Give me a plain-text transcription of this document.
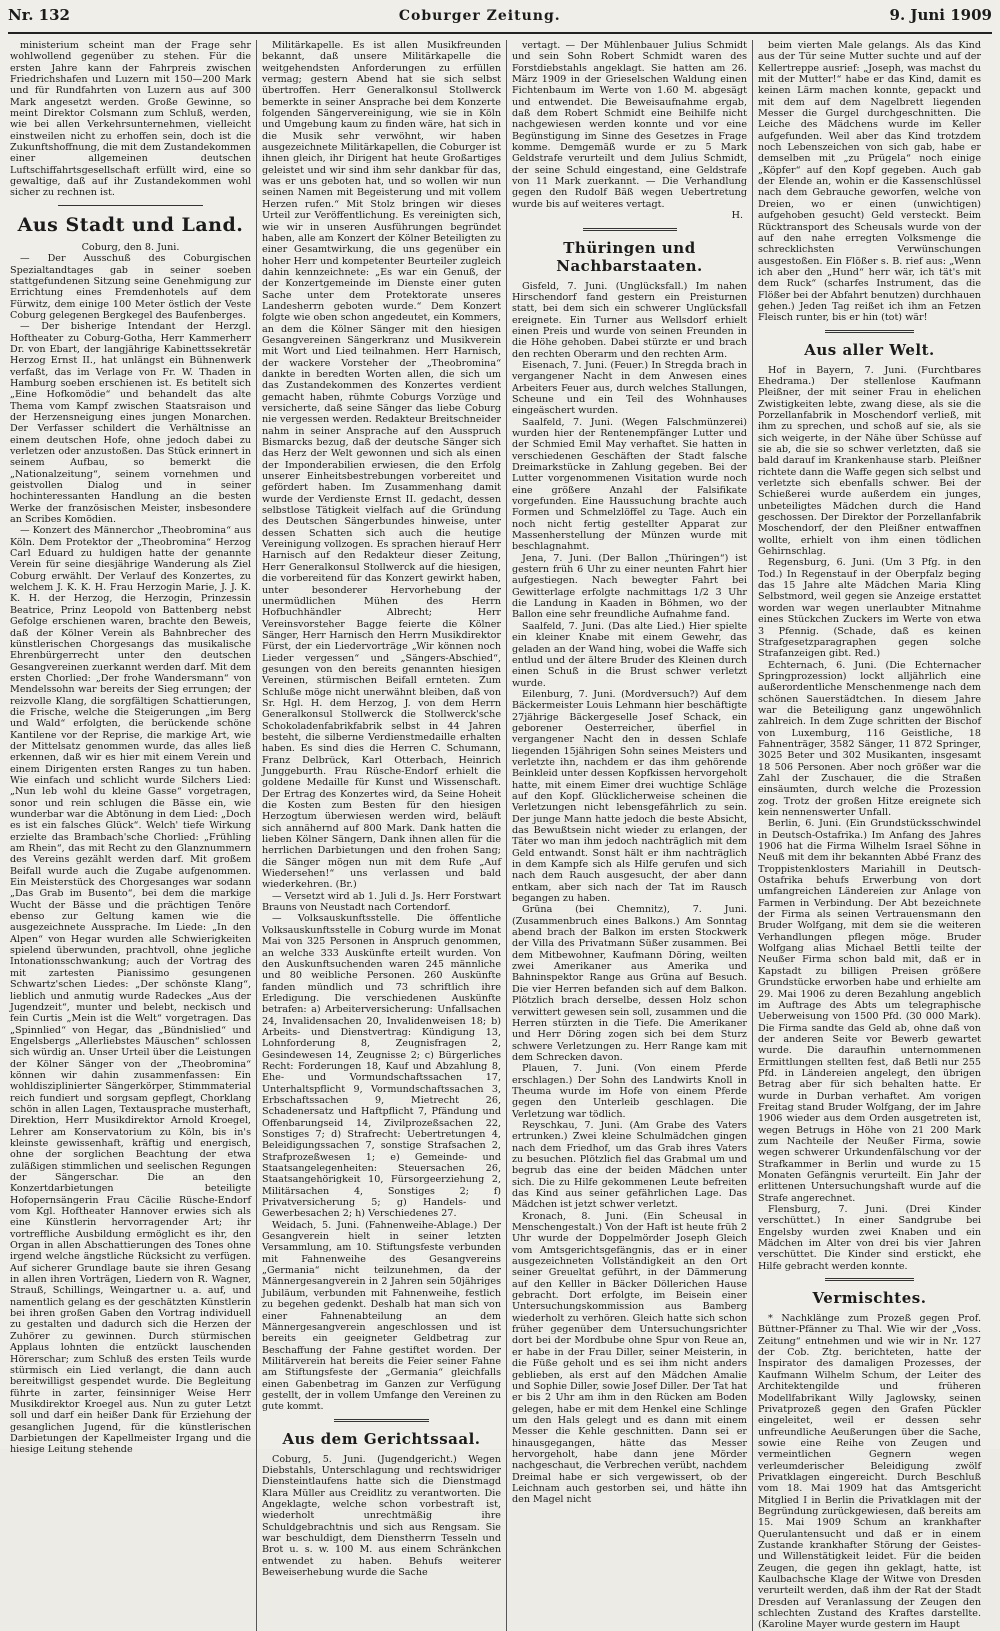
Nr. 132	Coburger Zeitung.	9. Juni 1909

ministerium scheint man der Frage sehr wohlwollend gegenüber zu stehen. Für die ersten Jahre kann der Fahrpreis zwischen Friedrichshafen und Luzern mit 150—200 Mark und für Rundfahrten von Luzern aus auf 300 Mark angesetzt werden. Große Gewinne, so meint Direktor Colsmann zum Schluß, werden, wie bei allen Verkehrsunternehmen, vielleicht einstweilen nicht zu erhoffen sein, doch ist die Zukunftshoffnung, die mit dem Zustandekommen einer allgemeinen deutschen Luftschiffahrtsgesellschaft erfüllt wird, eine so gewaltige, daß auf ihr Zustandekommen wohl sicher zu rechnen ist.

Aus Stadt und Land.

Coburg, den 8. Juni.

— Der Ausschuß des Coburgischen Spezialtandtages gab in seiner soeben stattgefundenen Sitzung seine Genehmigung zur Errichtung eines Fremdenhotels auf dem Fürwitz, dem einige 100 Meter östlich der Veste Coburg gelegenen Bergkegel des Baufenberges.

— Der bisherige Intendant der Herzgl. Hoftheater zu Coburg-Gotha, Herr Kammerherr Dr. von Ebart, der langjährige Kabinettssekretär Herzog Ernst II., hat unlängst ein Bühnenwerk verfaßt, das im Verlage von Fr. W. Thaden in Hamburg soeben erschienen ist. Es betitelt sich „Eine Hofkomödie“ und behandelt das alte Thema vom Kampf zwischen Staatsraison und der Herzensneigung eines jungen Monarchen. Der Verfasser schildert die Verhältnisse an einem deutschen Hofe, ohne jedoch dabei zu verletzen oder anzustoßen. Das Stück erinnert in seinem Aufbau, so bemerkt die „Nationalzeitung“, seinem vornehmen und geistvollen Dialog und in seiner hochinteressanten Handlung an die besten Werke der französischen Meister, insbesondere an Scribes Komödien.

— Konzert des Männerchor „Theobromina“ aus Köln. Dem Protektor der „Theobromina“ Herzog Carl Eduard zu huldigen hatte der genannte Verein für seine diesjährige Wanderung als Ziel Coburg erwählt. Der Verlauf des Konzertes, zu welchem J. K. K. H. Frau Herzogin Marie, J. J. K. K. H. der Herzog, die Herzogin, Prinzessin Beatrice, Prinz Leopold von Battenberg nebst Gefolge erschienen waren, brachte den Beweis, daß der Kölner Verein als Bahnbrecher des künstlerischen Chorgesangs das musikalische Ehrenbürgerrecht unter den deutschen Gesangvereinen zuerkannt werden darf. Mit dem ersten Chorlied: „Der frohe Wandersmann“ von Mendelssohn war bereits der Sieg errungen; der reizvolle Klang, die sorgfältigen Schattierungen, die Frische, welche die Steigerungen „im Berg und Wald“ erfolgten, die berückende schöne Kantilene vor der Reprise, die markige Art, wie der Mittelsatz genommen wurde, das alles ließ erkennen, daß wir es hier mit einem Verein und einem Dirigenten ersten Ranges zu tun haben. Wie einfach und schlicht wurde Silchers Lied: „Nun leb wohl du kleine Gasse“ vorgetragen, sonor und rein schlugen die Bässe ein, wie wunderbar war die Abtönung in dem Lied: „Doch es ist ein falsches Glück“. Welch' tiefe Wirkung erzielte das Brambach'sche Chorlied: „Frühling am Rhein“, das mit Recht zu den Glanznummern des Vereins gezählt werden darf. Mit großem Beifall wurde auch die Zugabe aufgenommen. Ein Meisterstück des Chorgesanges war sodann „Das Grab im Busento“, bei dem die markige Wucht der Bässe und die prächtigen Tenöre ebenso zur Geltung kamen wie die ausgezeichnete Aussprache. Im Liede: „In den Alpen“ von Hegar wurden alle Schwierigkeiten spielend überwunden, prachtvoll, ohne jegliche Intonationsschwankung; auch der Vortrag des mit zartesten Pianissimo gesungenen Schwartz'schen Liedes: „Der schönste Klang“, lieblich und anmutig wurde Radeckes „Aus der Jugendzeit“, munter und belebt, neckisch und fein Curtis „Mein ist die Welt“ vorgetragen. Das „Spinnlied“ von Hegar, das „Bündnislied“ und Engelsbergs „Allerliebstes Mäuschen“ schlossen sich würdig an. Unser Urteil über die Leistungen der Kölner Sänger von der „Theobromina“ können wir dahin zusammenfassen: Ein wohldisziplinierter Sängerkörper, Stimmmaterial reich fundiert und sorgsam gepflegt, Chorklang schön in allen Lagen, Textausprache musterhaft, Direktion, Herr Musikdirektor Arnold Kroegel, Lehrer am Konservatorium zu Köln, bis in's kleinste gewissenhaft, kräftig und energisch, ohne der sorglichen Beachtung der etwa zuläßigen stimmlichen und seelischen Regungen der Sängerschar. Die an den Konzertdarbietungen beteiligte Hofopernsängerin Frau Cäcilie Rüsche-Endorf vom Kgl. Hoftheater Hannover erwies sich als eine Künstlerin hervorragender Art; ihr vortreffliche Ausbildung ermöglicht es ihr, den Organ in allen Abschattierungen des Tones ohne irgend welche ängstliche Rücksicht zu verfügen. Auf sicherer Grundlage baute sie ihren Gesang in allen ihren Vorträgen, Liedern von R. Wagner, Strauß, Schillings, Weingartner u. a. auf, und namentlich gelang es der geschätzten Künstlerin bei ihren großen Gaben den Vortrag individuell zu gestalten und dadurch sich die Herzen der Zuhörer zu gewinnen. Durch stürmischen Applaus lohnten die entzückt lauschenden Hörerschar; zum Schluß des ersten Teils wurde stürmisch ein Lied verlangt, die dann auch bereitwilligst gespendet wurde. Die Begleitung führte in zarter, feinsinniger Weise Herr Musikdirektor Kroegel aus. Nun zu guter Letzt soll und darf ein heißer Dank für Erziehung der gesanglichen Jugend, für die künstlerischen Darbietungen der Kapellmeister Irgang und die hiesige Leitung stehende

Militärkapelle. Es ist allen Musikfreunden bekannt, daß unsere Militärkapelle die weitgehendsten Anforderungen zu erfüllen vermag; gestern Abend hat sie sich selbst übertroffen. Herr Generalkonsul Stollwerck bemerkte in seiner Ansprache bei dem Konzerte folgenden Sängervereinigung, wie sie in Köln und Umgebung kaum zu finden wäre, hat sich in die Musik sehr verwöhnt, wir haben ausgezeichnete Militärkapellen, die Coburger ist ihnen gleich, ihr Dirigent hat heute Großartiges geleistet und wir sind ihm sehr dankbar für das, was er uns geboten hat, und so wollen wir nun seinen Namen mit Begeisterung und mit vollem Herzen rufen.“ Mit Stolz bringen wir dieses Urteil zur Veröffentlichung. Es vereinigten sich, wie wir in unseren Ausführungen begründet haben, alle am Konzert der Kölner Beteiligten zu einer Gesamtwirkung, die uns gegenüber ein hoher Herr und kompetenter Beurteiler zugleich dahin kennzeichnete: „Es war ein Genuß, der der Konzertgemeinde im Dienste einer guten Sache unter dem Protektorate unseres Landesherrn geboten wurde.“ Dem Konzert folgte wie oben schon angedeutet, ein Kommers, an dem die Kölner Sänger mit den hiesigen Gesangvereinen Sängerkranz und Musikverein mit Wort und Lied teilnahmen. Herr Harnisch, der wackere Vorsteher der „Theobromina“ dankte in beredten Worten allen, die sich um das Zustandekommen des Konzertes verdient gemacht haben, rühmte Coburgs Vorzüge und versicherte, daß seine Sänger das liebe Coburg nie vergessen werden. Redakteur Breitschneider nahm in seiner Ansprache auf den Ausspruch Bismarcks bezug, daß der deutsche Sänger sich das Herz der Welt gewonnen und sich als einen der Imponderabilien erwiesen, die den Erfolg unserer Einheitsbestrebungen vorbereitet und gefördert haben. Im Zusammenhang damit wurde der Verdienste Ernst II. gedacht, dessen selbstlose Tätigkeit vielfach auf die Gründung des Deutschen Sängerbundes hinweise, unter dessen Schatten sich auch die heutige Vereinigung vollzogen. Es sprachen hierauf Herr Harnisch auf den Redakteur dieser Zeitung, Herr Generalkonsul Stollwerck auf die hiesigen, die vorbereitend für das Konzert gewirkt haben, unter besonderer Hervorhebung der unermüdlichen Mühen des Herrn Hofbuchhändler Albrecht; Herr Vereinsvorsteher Bagge feierte die Kölner Sänger, Herr Harnisch den Herrn Musikdirektor Fürst, der ein Liedervorträge „Wir können noch Lieder vergessen“ und „Sängers-Abschied“, gesungen von den bereits genannten hiesigen Vereinen, stürmischen Beifall ernteten. Zum Schluße möge nicht unerwähnt bleiben, daß von Sr. Hgl. H. dem Herzog, J. von dem Herrn Generalkonsul Stollwerck die Stollwerck'sche Schokoladenfabrikfabrik selbst in 44 Jahren besteht, die silberne Verdienstmedaille erhalten haben. Es sind dies die Herren C. Schumann, Franz Delbrück, Karl Otterbach, Heinrich Junggeburth. Frau Rüsche-Endorf erhielt die goldene Medaille für Kunst und Wissenschaft. Der Ertrag des Konzertes wird, da Seine Hoheit die Kosten zum Besten für den hiesigen Herzogtum überwiesen werden wird, beläuft sich annähernd auf 800 Mark. Dank hatten die lieben Kölner Sängern, Dank ihnen allen für die herrlichen Darbietungen und den frohen Sang; die Sänger mögen nun mit dem Rufe „Auf Wiedersehen!“ uns verlassen und bald wiederkehren. (Br.)

— Versetzt wird ab 1. Juli d. Js. Herr Forstwart Brauns von Neustadt nach Cortendorf.

— Volksauskunftsstelle. Die öffentliche Volksauskunftsstelle in Coburg wurde im Monat Mai von 325 Personen in Anspruch genommen, an welche 333 Auskünfte erteilt wurden. Von den Auskunftsuchenden waren 245 männliche und 80 weibliche Personen. 260 Auskünfte fanden mündlich und 73 schriftlich ihre Erledigung. Die verschiedenen Auskünfte betrafen: a) Arbeiterversicherung: Unfallsachen 24, Invalidensachen 20, Invalidenweisen 18; b) Arbeits- und Dienstvertrag: Kündigung 13, Lohnforderung 8, Zeugnisfragen 2, Gesindewesen 14, Zeugnisse 2; c) Bürgerliches Recht: Forderungen 18, Kauf und Abzahlung 8, Ehe- und Vormundschaftssachen 17, Unterhaltspflicht 9, Vormundschaftssachen 3, Erbschaftssachen 9, Mietrecht 26, Schadenersatz und Haftpflicht 7, Pfändung und Offenbarungseid 14, Zivilprozeßsachen 22, Sonstiges 7; d) Strafrecht: Uebertretungen 4, Beleidigungssachen 7, sonstige Strafsachen 2, Strafprozeßwesen 1; e) Gemeinde- und Staatsangelegenheiten: Steuersachen 26, Staatsangehörigkeit 10, Fürsorgeerziehung 2, Militärsachen 4, Sonstiges 2; f) Privatversicherung 5; g) Handels- und Gewerbesachen 2; h) Verschiedenes 27.

Weidach, 5. Juni. (Fahnenweihe-Ablage.) Der Gesangverein hielt in seiner letzten Versammlung, am 10. Stiftungsfeste verbunden mit Fahnenweihe des Gesangvereins „Germania“ nicht teilzunehmen, da der Männergesangverein in 2 Jahren sein 50jähriges Jubiläum, verbunden mit Fahnenweihe, festlich zu begehen gedenkt. Deshalb hat man sich von einer Fahnenabteilung an dem Männergesangverein angeschlossen und ist bereits ein geeigneter Geldbetrag zur Beschaffung der Fahne gestiftet worden. Der Militärverein hat bereits die Feier seiner Fahne am Stiftungsfeste der „Germania“ gleichfalls einen Gabenbetrag im Ganzen zur Verfügung gestellt, der in vollem Umfange den Vereinen zu gute kommt.

Aus dem Gerichtssaal.

Coburg, 5. Juni. (Jugendgericht.) Wegen Diebstahls, Unterschlagung und rechtswidriger Diensteintlaufens hatte sich die Dienstmagd Klara Müller aus Creidlitz zu verantworten. Die Angeklagte, welche schon vorbestraft ist, wiederholt unrechtmäßig ihre Schuldgebrachtnis und sich aus Rengsam. Sie war beschuldigt, dem Dienstherrn Tesseln und Brot u. s. w. 100 M. aus einem Schränkchen entwendet zu haben. Behufs weiterer Beweiserhebung wurde die Sache

vertagt. — Der Mühlenbauer Julius Schmidt und sein Sohn Robert Schmidt waren des Forstdiebstahls angeklagt. Sie hatten am 26. März 1909 in der Grieselschen Waldung einen Fichtenbaum im Werte von 1.60 M. abgesägt und entwendet. Die Beweisaufnahme ergab, daß dem Robert Schmidt eine Beihilfe nicht nachgewiesen werden konnte und vor eine Begünstigung im Sinne des Gesetzes in Frage komme. Demgemäß wurde er zu 5 Mark Geldstrafe verurteilt und dem Julius Schmidt, der seine Schuld eingestand, eine Geldstrafe von 11 Mark zuerkannt. — Die Verhandlung gegen den Rudolf Bäß wegen Uebertretung wurde bis auf weiteres vertagt.

H.
Thüringen und Nachbarstaaten.

Gisfeld, 7. Juni. (Unglücksfall.) Im nahen Hirschendorf fand gestern ein Preisturnen statt, bei dem sich ein schwerer Unglücksfall ereignete. Ein Turner aus Wellsdorf erhielt einen Preis und wurde von seinen Freunden in die Höhe gehoben. Dabei stürzte er und brach den rechten Oberarm und den rechten Arm.

Eisenach, 7. Juni. (Feuer.) In Stregda brach in vergangener Nacht in dem Anwesen eines Arbeiters Feuer aus, durch welches Stallungen, Scheune und ein Teil des Wohnhauses eingeäschert wurden.

Saalfeld, 7. Juni. (Wegen Falschmünzerei) wurden hier der Rentenempfänger Lutter und der Schmied Emil May verhaftet. Sie hatten in verschiedenen Geschäften der Stadt falsche Dreimarkstücke in Zahlung gegeben. Bei der Lutter vorgenommenen Visitation wurde noch eine größere Anzahl der Falsifikate vorgefunden. Eine Haussuchung brachte auch Formen und Schmelzlöffel zu Tage. Auch ein noch nicht fertig gestellter Apparat zur Massenherstellung der Münzen wurde mit beschlagnahmt.

Jena, 7. Juni. (Der Ballon „Thüringen“) ist gestern früh 6 Uhr zu einer neunten Fahrt hier aufgestiegen. Nach bewegter Fahrt bei Gewitterlage erfolgte nachmittags 1/2 3 Uhr die Landung in Kaaden in Böhmen, wo der Ballon eine sehr freundliche Aufnahme fand.

Saalfeld, 7. Juni. (Das alte Lied.) Hier spielte ein kleiner Knabe mit einem Gewehr, das geladen an der Wand hing, wobei die Waffe sich entlud und der ältere Bruder des Kleinen durch einen Schuß in die Brust schwer verletzt wurde.

Eilenburg, 7. Juni. (Mordversuch?) Auf dem Bäckermeister Louis Lehmann hier beschäftigte 27jährige Bäckergeselle Josef Schack, ein geborener Oesterreicher, überfiel in vergangener Nacht den in dessen Schlafe liegenden 15jährigen Sohn seines Meisters und verletzte ihn, nachdem er das ihm gehörende Beinkleid unter dessen Kopfkissen hervorgeholt hatte, mit einem Eimer drei wuchtige Schläge auf den Kopf. Glücklicherweise scheinen die Verletzungen nicht lebensgefährlich zu sein. Der junge Mann hatte jedoch die beste Absicht, das Bewußtsein nicht wieder zu erlangen, der Täter wo man ihm jedoch nachträglich mit dem Geld entwandt. Sonst hält er ihm nachträglich in dem Kampfe sich als Hilfe gerufen und sich nach dem Rauch ausgesucht, der aber dann entkam, aber sich nach der Tat im Rausch begangen zu haben.

Grüna (bei Chemnitz), 7. Juni. (Zusammenbruch eines Balkons.) Am Sonntag abend brach der Balkon im ersten Stockwerk der Villa des Privatmann Süßer zusammen. Bei dem Mitbewohner, Kaufmann Döring, weilten zwei Amerikaner aus Amerika und Bahninspektor Range aus Grüna auf Besuch. Die vier Herren befanden sich auf dem Balkon. Plötzlich brach derselbe, dessen Holz schon verwittert gewesen sein soll, zusammen und die Herren stürzten in die Tiefe. Die Amerikaner und Herr Döring zogen sich bei dem Sturz schwere Verletzungen zu. Herr Range kam mit dem Schrecken davon.

Plauen, 7. Juni. (Von einem Pferde erschlagen.) Der Sohn des Landwirts Knoll in Theuma wurde im Hofe von einem Pferde gegen den Unterleib geschlagen. Die Verletzung war tödlich.

Reyschkau, 7. Juni. (Am Grabe des Vaters ertrunken.) Zwei kleine Schulmädchen gingen nach dem Friedhof, um das Grab ihres Vaters zu besuchen. Plötzlich fiel das Grabmal um und begrub das eine der beiden Mädchen unter sich. Die zu Hilfe gekommenen Leute befreiten das Kind aus seiner gefährlichen Lage. Das Mädchen ist jetzt schwer verletzt.

Kronach, 8. Juni. (Ein Scheusal in Menschengestalt.) Von der Haft ist heute früh 2 Uhr wurde der Doppelmörder Joseph Gleich vom Amtsgerichtsgefängnis, das er in einer ausgezeichneten Vollständigkeit an den Ort seiner Greueltat geführt, in der Dämmerung auf den Kelller in Bäcker Döllerichen Hause gebracht. Dort erfolgte, im Beisein einer Untersuchungskommission aus Bamberg wiederholt zu verhören. Gleich hatte sich schon früher gegenüber dem Untersuchungsrichter dort bei der Mordbube ohne Spur von Reue an, er habe in der Frau Diller, seiner Meisterin, in die Füße geholt und es sei ihm nicht anders geblieben, als erst auf den Mädchen Amalie und Sophie Diller, sowie Josef Diller. Der Tat hat er bis 2 Uhr am ihm in den Rücken am Boden gelegen, habe er mit dem Henkel eine Schlinge um den Hals gelegt und es dann mit einem Messer die Kehle geschnitten. Dann sei er hinausgegangen, hätte das Messer hervorgeholt, habe dann jene Mörder nachgeschaut, die Verbrechen verübt, nachdem Dreimal habe er sich vergewissert, ob der Leichnam auch gestorben sei, und hätte ihn den Magel nicht

beim vierten Male gelangs. Als das Kind aus der Tür seine Mutter suchte und auf der Kellertreppe ausrief: „Joseph, was machst du mit der Mutter!“ habe er das Kind, damit es keinen Lärm machen konnte, gepackt und mit dem auf dem Nagelbrett liegenden Messer die Gurgel durchgeschnitten. Die Leiche des Mädchens wurde im Keller aufgefunden. Weil aber das Kind trotzdem noch Lebenszeichen von sich gab, habe er demselben mit „zu Prügela“ noch einige „Köpfer“ auf den Kopf gegeben. Auch gab der Elende an, wohin er die Kassenschlüssel nach dem Gebrauche geworfen, welche von Dreien, wo er einen (unwichtigen) aufgehoben gesucht) Geld versteckt. Beim Rücktransport des Scheusals wurde von der auf den nahe erregten Volksmenge die schrecklichsten Verwünschungen ausgestoßen. Ein Flößer s. B. rief aus: „Wenn ich aber den „Hund“ herr wär, ich tät's mit dem Ruck“ (scharfes Instrument, das die Flößer bei der Abfahrt benutzen) durchhauen gehen.) Jeden Tag reißet ich ihm an Fetzen Fleisch runter, bis er hin (tot) wär!

Aus aller Welt.

Hof in Bayern, 7. Juni. (Furchtbares Ehedrama.) Der stellenlose Kaufmann Pleißner, der mit seiner Frau in ehelichen Zwistigkeiten lebte, zwang diese, als sie die Porzellanfabrik in Moschendorf verließ, mit ihm zu sprechen, und schoß auf sie, als sie sich weigerte, in der Nähe über Schüsse auf sie ab, die sie so schwer verletzten, daß sie bald darauf im Krankenhause starb. Pleißner richtete dann die Waffe gegen sich selbst und verletzte sich ebenfalls schwer. Bei der Schießerei wurde außerdem ein junges, unbeteiligtes Mädchen durch die Hand geschossen. Der Direktor der Porzellanfabrik Moschendorf, der den Pleißner entwaffnen wollte, erhielt von ihm einen tödlichen Gehirnschlag.

Regensburg, 6. Juni. (Um 3 Pfg. in den Tod.) In Regenstauf in der Oberpfalz beging das 15 Jahre alte Mädchen Maria Kling Selbstmord, weil gegen sie Anzeige erstattet worden war wegen unerlaubter Mitnahme eines Stückchen Zuckers im Werte von etwa 3 Pfennig. (Schade, daß es keinen Strafgesetzparagraphen gegen solche Strafanzeigen gibt. Red.)

Echternach, 6. Juni. (Die Echternacher Springprozession) lockt alljährlich eine außerordentliche Menschenmenge nach dem schönen Sauerstädtchen. In diesem Jahre war die Beteiligung ganz ungewöhnlich zahlreich. In dem Zuge schritten der Bischof von Luxemburg, 116 Geistliche, 18 Fahnenträger, 3582 Sänger, 11 872 Springer, 3025 Beter und 302 Musikanten, insgesamt 18 506 Personen. Aber noch größer war die Zahl der Zuschauer, die die Straßen einsäumten, durch welche die Prozession zog. Trotz der großen Hitze ereignete sich kein nennenswerter Unfall.

Berlin, 6. Juni. (Ein Grundstücksschwindel in Deutsch-Ostafrika.) Im Anfang des Jahres 1906 hat die Firma Wilhelm Israel Söhne in Neuß mit dem ihr bekannten Abbé Franz des Troppistenklosters Mariahill in Deutsch-Ostafrika behufs Erwerbung von dort umfangreichen Ländereien zur Anlage von Farmen in Verbindung. Der Abt bezeichnete der Firma als seinen Vertrauensmann den Bruder Wolfgang, mit dem sie die weiteren Verhandlungen pflegen möge. Bruder Wolfgang alias Michael Bettli teilte der Neußer Firma schon bald mit, daß er in Kapstadt zu billigen Preisen größere Grundstücke erworben habe und erhielte am 29. Mai 1906 zu deren Bezahlung angeblich im Auftrage des Abts um telegraphische Ueberweisung von 1500 Pfd. (30 000 Mark). Die Firma sandte das Geld ab, ohne daß von der anderen Seite vor Bewerb gewartet wurde. Die daraufhin unternommenen Ermittlungen stellten fest, daß Betli nur 255 Pfd. in Ländereien angelegt, den übrigen Betrag aber für sich behalten hatte. Er wurde in Durban verhaftet. Am vorigen Freitag stand Bruder Wolfgang, der im Jahre 1906 wieder aus dem Orden ausgetreten ist, wegen Betrugs in Höhe von 21 200 Mark zum Nachteile der Neußer Firma, sowie wegen schwerer Urkundenfälschung vor der Strafkammer in Berlin und wurde zu 15 Monaten Gefängnis verurteilt. Ein Jahr der erlittenen Untersuchungshaft wurde auf die Strafe angerechnet.

Flensburg, 7. Juni. (Drei Kinder verschüttet.) In einer Sandgrube bei Engelsby wurden zwei Knaben und ein Mädchen im Alter von drei bis vier Jahren verschüttet. Die Kinder sind erstickt, ehe Hilfe gebracht werden konnte.

Vermischtes.

* Nachklänge zum Prozeß gegen Prof. Büttner-Pfänner zu Thal. Wie wir der „Voss. Zeitung“ entnehmen und wie wir in Nr. 127 der Cob. Ztg. berichteten, hatte der Inspirator des damaligen Prozesses, der Kaufmann Wilhelm Schum, der Leiter des Architektengilde und früheren Modellfabrikant Willy Jaglowsky, seinen Privatprozeß gegen den Grafen Pückler eingeleitet, weil er dessen sehr unfreundliche Aeußerungen über die Sache, sowie eine Reihe von Zeugen und vermeintlichen Gegnern wegen verleumderischer Beleidigung zwölf Privatklagen eingereicht. Durch Beschluß vom 18. Mai 1909 hat das Amtsgericht Mitglied I in Berlin die Privatklagen mit der Begründung zurückgewiesen, daß bereits am 15. Mai 1909 Schum an krankhafter Querulantensucht und daß er in einem Zustande krankhafter Störung der Geistes- und Willenstätigkeit leidet. Für die beiden Zeugen, die gegen ihn geklagt, hatte, ist Kaulbachsche Klage der Witwe von Dresden verurteilt werden, daß ihm der Rat der Stadt Dresden auf Veranlassung der Zeugen den schlechten Zustand des Kraftes darstellte. (Karoline Mayer wurde gestern im Haupt
